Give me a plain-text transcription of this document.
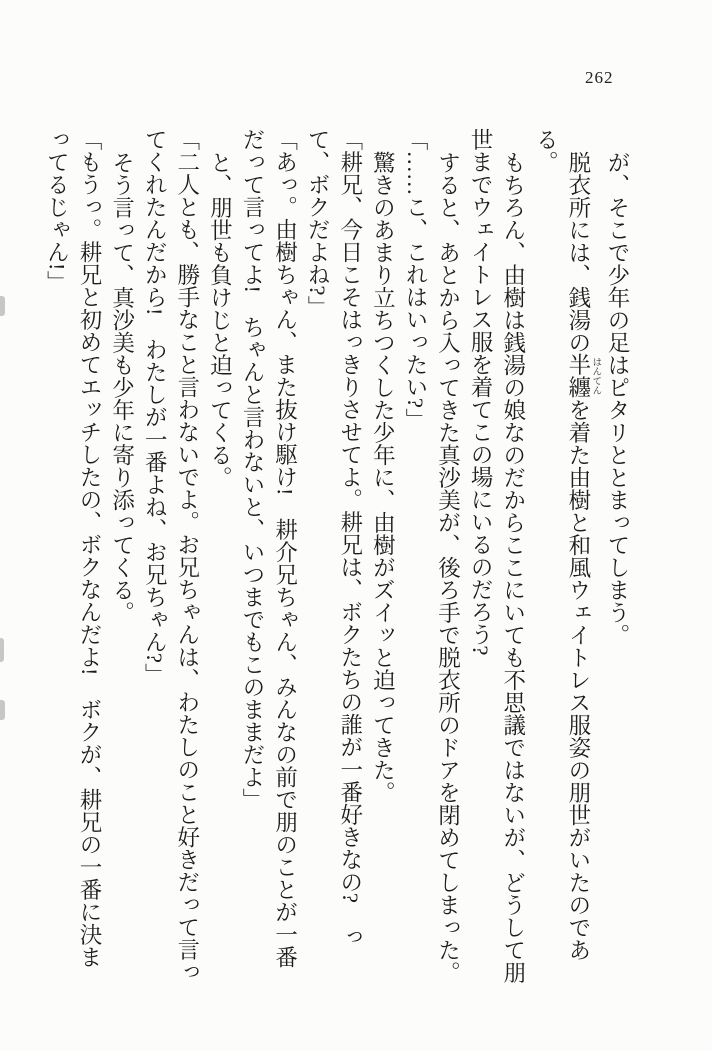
262

が、そこで少年の足はピタリととまってしまう。

脱衣所には、銭湯の半纏 はんてんを着た由樹と和風ウェイトレス服姿の朋世がいたのである。

もちろん、由樹は銭湯の娘なのだからここにいても不思議ではないが、どうして朋世までウェイトレス服を着てこの場にいるのだろう?

すると、あとから入ってきた真沙美が、後ろ手で脱衣所のドアを閉めてしまった。

「……こ、これはいったい?」

驚きのあまり立ちつくした少年に、由樹がズイッと迫ってきた。

「耕兄、今日こそはっきりさせてよ。耕兄は、ボクたちの誰が一番好きなの?　って、ボクだよね?」

「あっ。由樹ちゃん、また抜け駆け!　耕介兄ちゃん、みんなの前で朋のことが一番だって言ってよ!　ちゃんと言わないと、いつまでもこのままだよ」

と、朋世も負けじと迫ってくる。

「二人とも、勝手なこと言わないでよ。お兄ちゃんは、わたしのこと好きだって言ってくれたんだから!　わたしが一番よね、お兄ちゃん?」

そう言って、真沙美も少年に寄り添ってくる。

「もうっ。耕兄と初めてエッチしたの、ボクなんだよ!　ボクが、耕兄の一番に決まってるじゃん!」
